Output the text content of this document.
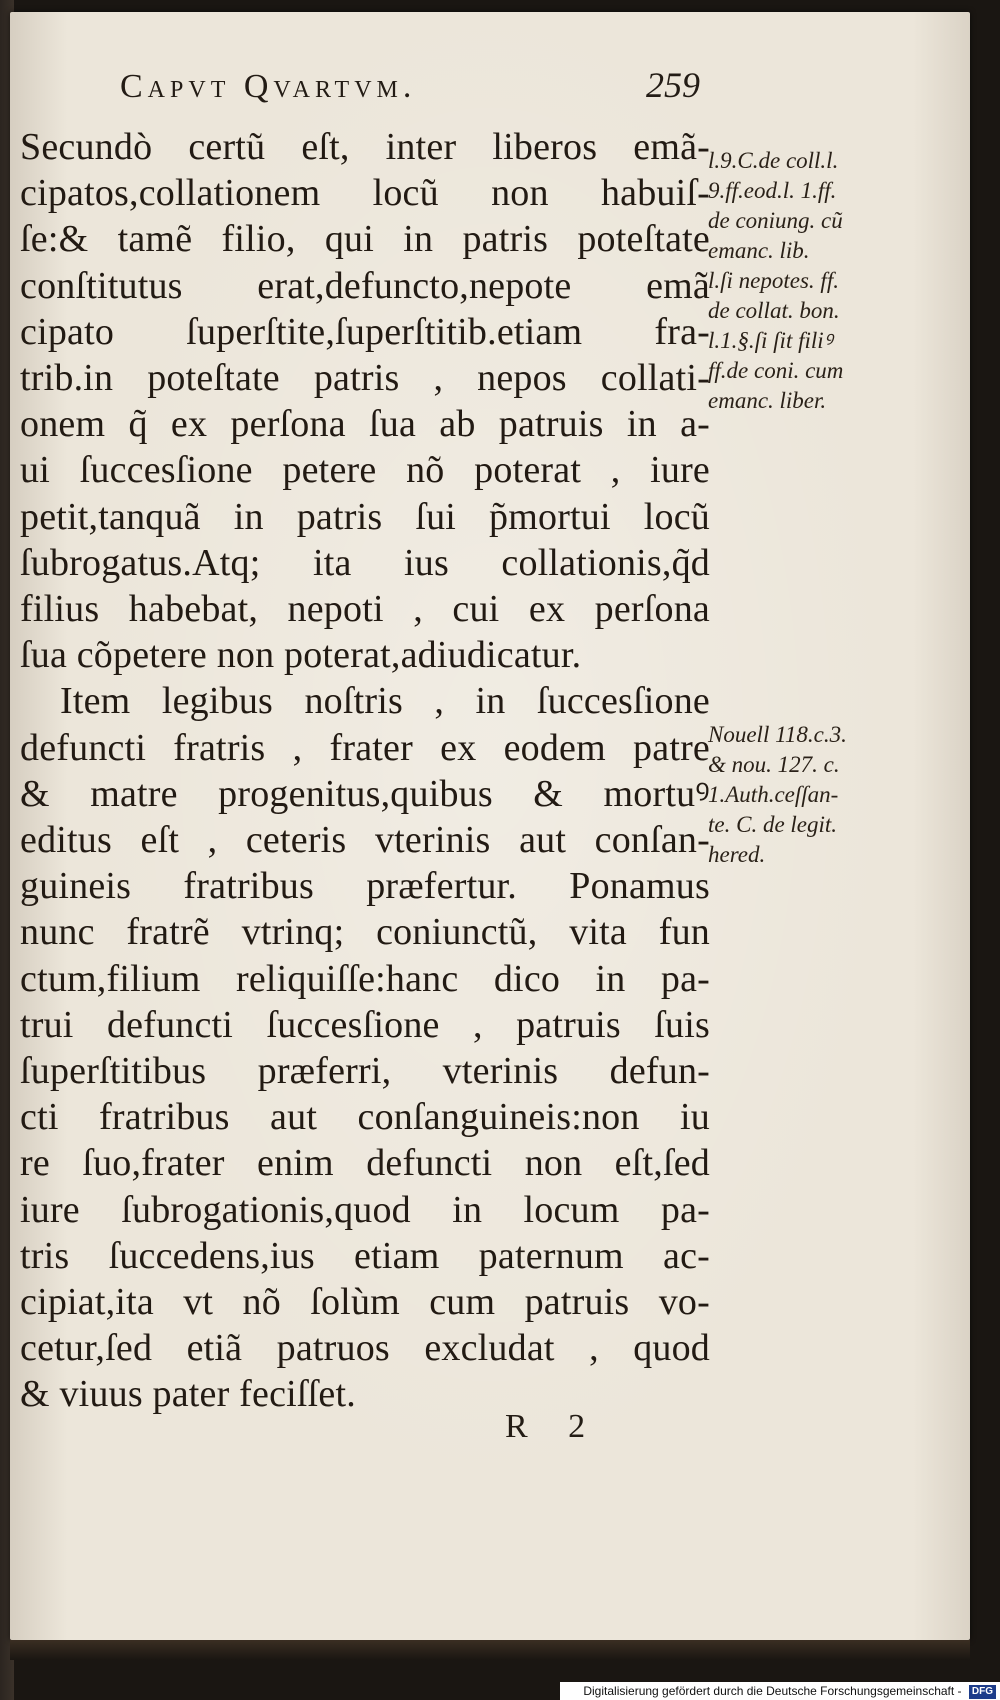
Capvt Qvartvm.	259
Secundò certũ eſt, inter liberos emã-
cipatos,collationem locũ non habuiſ-
ſe:& tamẽ filio, qui in patris poteſtate
conſtitutus erat,defuncto,nepote emã
cipato ſuperſtite,ſuperſtitib.etiam fra-
trib.in poteſtate patris , nepos collati-
onem q̃ ex perſona ſua ab patruis in a-
ui ſuccesſione petere nõ poterat , iure
petit,tanquã in patris ſui p̃mortui locũ
ſubrogatus.Atq; ita ius collationis,q̃d
filius habebat, nepoti , cui ex perſona
ſua cõpetere non poterat,adiudicatur.
Item legibus noſtris , in ſuccesſione
defuncti fratris , frater ex eodem patre
& matre progenitus,quibus & mortuꝰ
editus eſt , ceteris vterinis aut conſan-
guineis fratribus præfertur. Ponamus
nunc fratrẽ vtrinq; coniunctũ, vita fun
ctum,filium reliquiſſe:hanc dico in pa-
trui defuncti ſuccesſione , patruis ſuis
ſuperſtitibus præferri, vterinis defun-
cti fratribus aut conſanguineis:non iu
re ſuo,frater enim defuncti non eſt,ſed
iure ſubrogationis,quod in locum pa-
tris ſuccedens,ius etiam paternum ac-
cipiat,ita vt nõ ſolùm cum patruis vo-
cetur,ſed etiã patruos excludat , quod
& viuus pater feciſſet.
l.9.C.de coll.l.
9.ff.eod.l. 1.ff.
de coniung. cũ
emanc. lib.
l.ſi nepotes. ff.
de collat. bon.
l.1.§.ſi ſit filiꝰ
ff.de coni. cum
emanc. liber.
Nouell 118.c.3.
& nou. 127. c.
1.Auth.ceſſan-
te. C. de legit.
hered.
R 2
Digitalisierung gefördert durch die Deutsche Forschungsgemeinschaft - DFG
